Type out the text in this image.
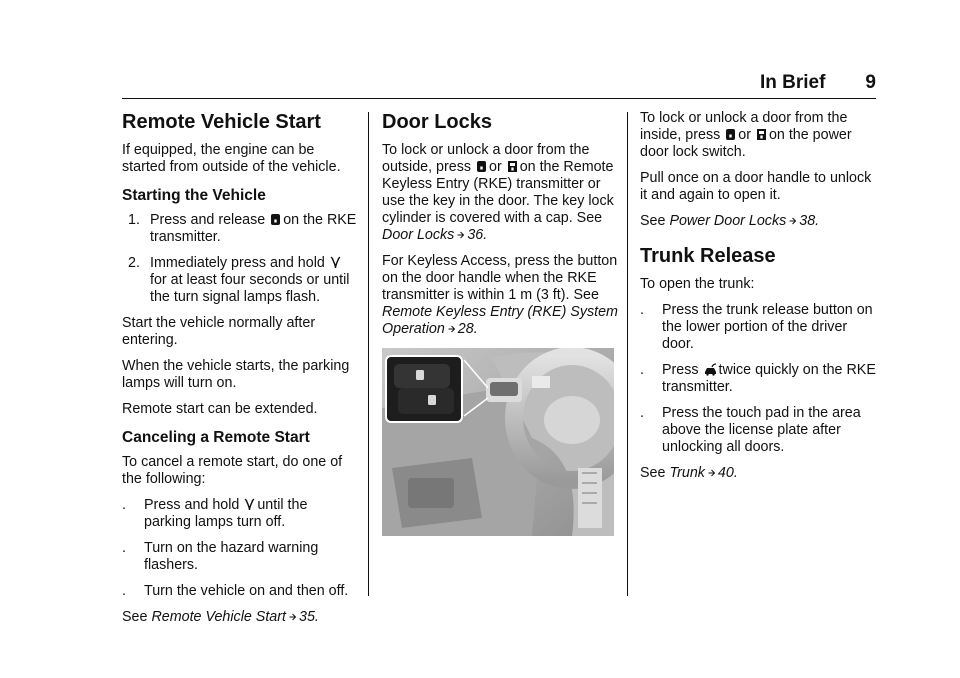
In Brief 9
Remote Vehicle Start

If equipped, the engine can be started from outside of the vehicle.

Starting the Vehicle
1. Press and release on the RKE transmitter.
2. Immediately press and hold  for at least four seconds or until the turn signal lamps flash.

Start the vehicle normally after entering.

When the vehicle starts, the parking lamps will turn on.

Remote start can be extended.

Canceling a Remote Start

To cancel a remote start, do one of the following:

. Press and hold until the parking lamps turn off.
. Turn on the hazard warning flashers.
. Turn the vehicle on and then off.

See Remote Vehicle Start 35.

Door Locks

To lock or unlock a door from the outside, press or on the Remote Keyless Entry (RKE) transmitter or use the key in the door. The key lock cylinder is covered with a cap. See Door Locks 36.

For Keyless Access, press the button on the door handle when the RKE transmitter is within 1 m (3 ft). See Remote Keyless Entry (RKE) System Operation 28.

To lock or unlock a door from the inside, press or on the power door lock switch.

Pull once on a door handle to unlock it and again to open it.

See Power Door Locks 38.

Trunk Release

To open the trunk:

. Press the trunk release button on the lower portion of the driver door.
. Press twice quickly on the RKE transmitter.
. Press the touch pad in the area above the license plate after unlocking all doors.

See Trunk 40.
